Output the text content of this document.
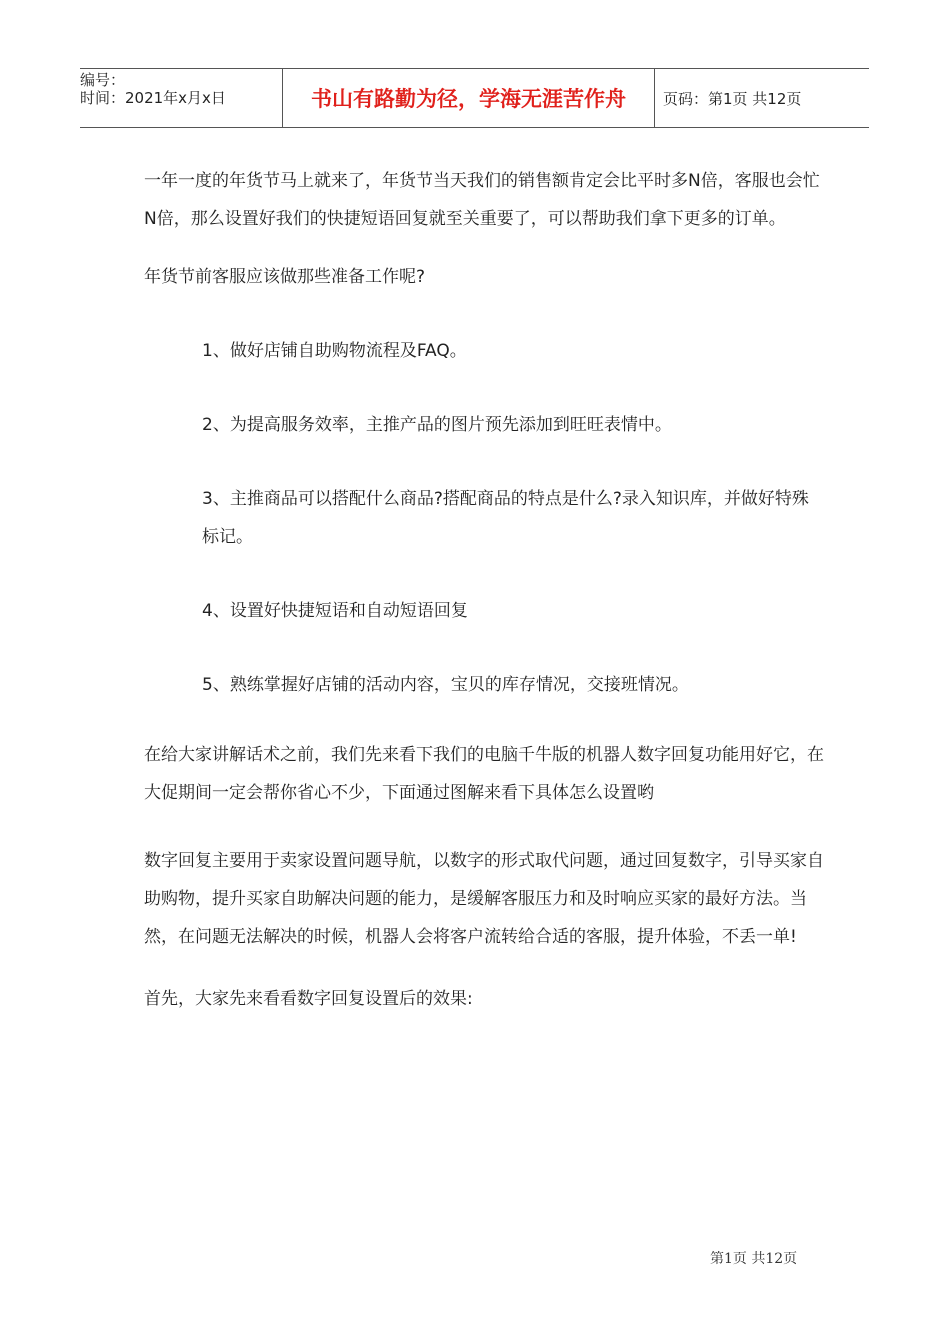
编号：
时间：2021年x月x日	书山有路勤为径，学海无涯苦作舟	页码：第1页 共12页

一年一度的年货节马上就来了，年货节当天我们的销售额肯定会比平时多N倍，客服也会忙N倍，那么设置好我们的快捷短语回复就至关重要了，可以帮助我们拿下更多的订单。

年货节前客服应该做那些准备工作呢?

1、做好店铺自助购物流程及FAQ。

2、为提高服务效率，主推产品的图片预先添加到旺旺表情中。

3、主推商品可以搭配什么商品?搭配商品的特点是什么?录入知识库，并做好特殊标记。

4、设置好快捷短语和自动短语回复

5、熟练掌握好店铺的活动内容，宝贝的库存情况，交接班情况。

在给大家讲解话术之前，我们先来看下我们的电脑千牛版的机器人数字回复功能用好它，在大促期间一定会帮你省心不少，下面通过图解来看下具体怎么设置哟

数字回复主要用于卖家设置问题导航，以数字的形式取代问题，通过回复数字，引导买家自助购物，提升买家自助解决问题的能力，是缓解客服压力和及时响应买家的最好方法。当然，在问题无法解决的时候，机器人会将客户流转给合适的客服，提升体验，不丢一单!

首先，大家先来看看数字回复设置后的效果:

第1页 共12页
